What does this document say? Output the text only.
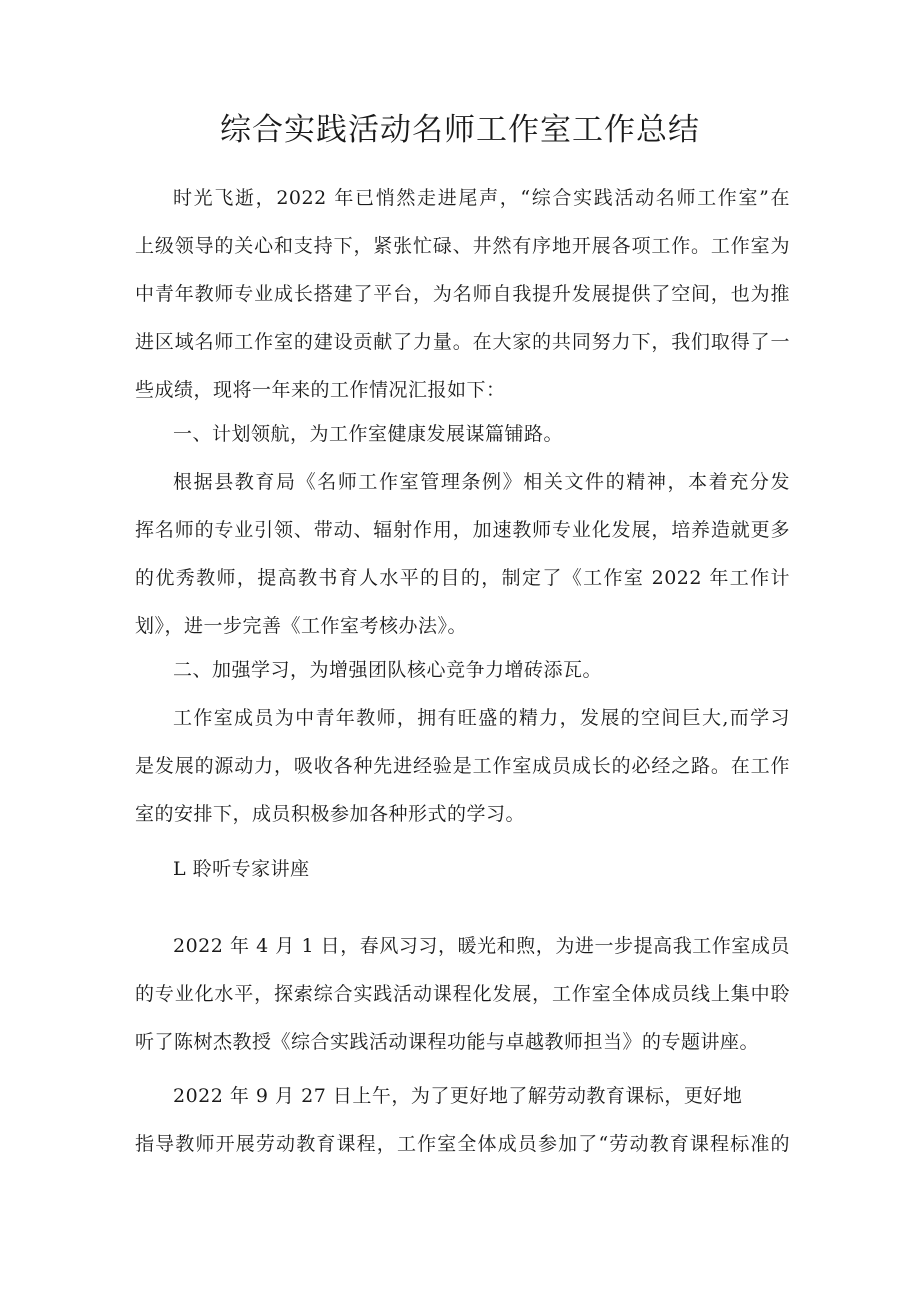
综合实践活动名师工作室工作总结
时光飞逝，2022 年已悄然走进尾声，“综合实践活动名师工作室”在
上级领导的关心和支持下，紧张忙碌、井然有序地开展各项工作。工作室为
中青年教师专业成长搭建了平台，为名师自我提升发展提供了空间，也为推
进区域名师工作室的建设贡献了力量。在大家的共同努力下，我们取得了一
些成绩，现将一年来的工作情况汇报如下：
一、计划领航，为工作室健康发展谋篇铺路。
根据县教育局《名师工作室管理条例》相关文件的精神，本着充分发
挥名师的专业引领、带动、辐射作用，加速教师专业化发展，培养造就更多
的优秀教师，提高教书育人水平的目的，制定了《工作室 2022 年工作计
划》，进一步完善《工作室考核办法》。
二、加强学习，为增强团队核心竞争力增砖添瓦。
工作室成员为中青年教师，拥有旺盛的精力，发展的空间巨大,而学习
是发展的源动力，吸收各种先进经验是工作室成员成长的必经之路。在工作
室的安排下，成员积极参加各种形式的学习。
L 聆听专家讲座
2022 年 4 月 1 日，春风习习，暖光和煦，为进一步提高我工作室成员
的专业化水平，探索综合实践活动课程化发展，工作室全体成员线上集中聆
听了陈树杰教授《综合实践活动课程功能与卓越教师担当》的专题讲座。
2022 年 9 月 27 日上午，为了更好地了解劳动教育课标，更好地
指导教师开展劳动教育课程，工作室全体成员参加了“劳动教育课程标准的
